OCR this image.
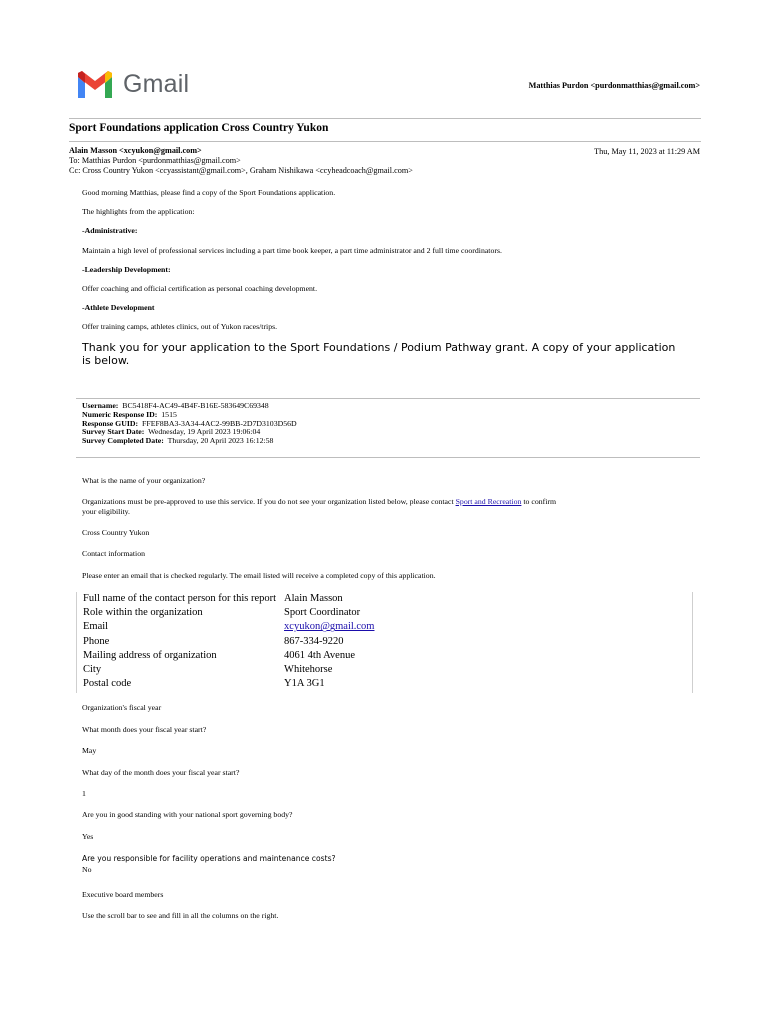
Gmail	Matthias Purdon <purdonmatthias@gmail.com>
Sport Foundations application Cross Country Yukon
Alain Masson <xcyukon@gmail.com>
To: Matthias Purdon <purdonmatthias@gmail.com>
Cc: Cross Country Yukon <ccyassistant@gmail.com>, Graham Nishikawa <ccyheadcoach@gmail.com>
Thu, May 11, 2023 at 11:29 AM
Good morning Matthias, please find a copy of the Sport Foundations application.
The highlights from the application:
-Administrative:
Maintain a high level of professional services including a part time book keeper, a part time administrator and 2 full time coordinators.
-Leadership Development:
Offer coaching and official certification as personal coaching development.
-Athlete Development
Offer training camps, athletes clinics, out of Yukon races/trips.
Thank you for your application to the Sport Foundations / Podium Pathway grant. A copy of your application is below.
Username: BC5418F4-AC49-4B4F-B16E-583649C69348
Numeric Response ID: 1515
Response GUID: FFEF8BA3-3A34-4AC2-99BB-2D7D3103D56D
Survey Start Date: Wednesday, 19 April 2023 19:06:04
Survey Completed Date: Thursday, 20 April 2023 16:12:58
What is the name of your organization?
Organizations must be pre-approved to use this service. If you do not see your organization listed below, please contact Sport and Recreation to confirm
your eligibility.
Cross Country Yukon
Contact information
Please enter an email that is checked regularly. The email listed will receive a completed copy of this application.
Full name of the contact person for this report	Alain Masson
Role within the organization	Sport Coordinator
Email	xcyukon@gmail.com
Phone	867-334-9220
Mailing address of organization	4061 4th Avenue
City	Whitehorse
Postal code	Y1A 3G1
Organization's fiscal year
What month does your fiscal year start?
May
What day of the month does your fiscal year start?
1
Are you in good standing with your national sport governing body?
Yes
Are you responsible for facility operations and maintenance costs?
No
Executive board members
Use the scroll bar to see and fill in all the columns on the right.
